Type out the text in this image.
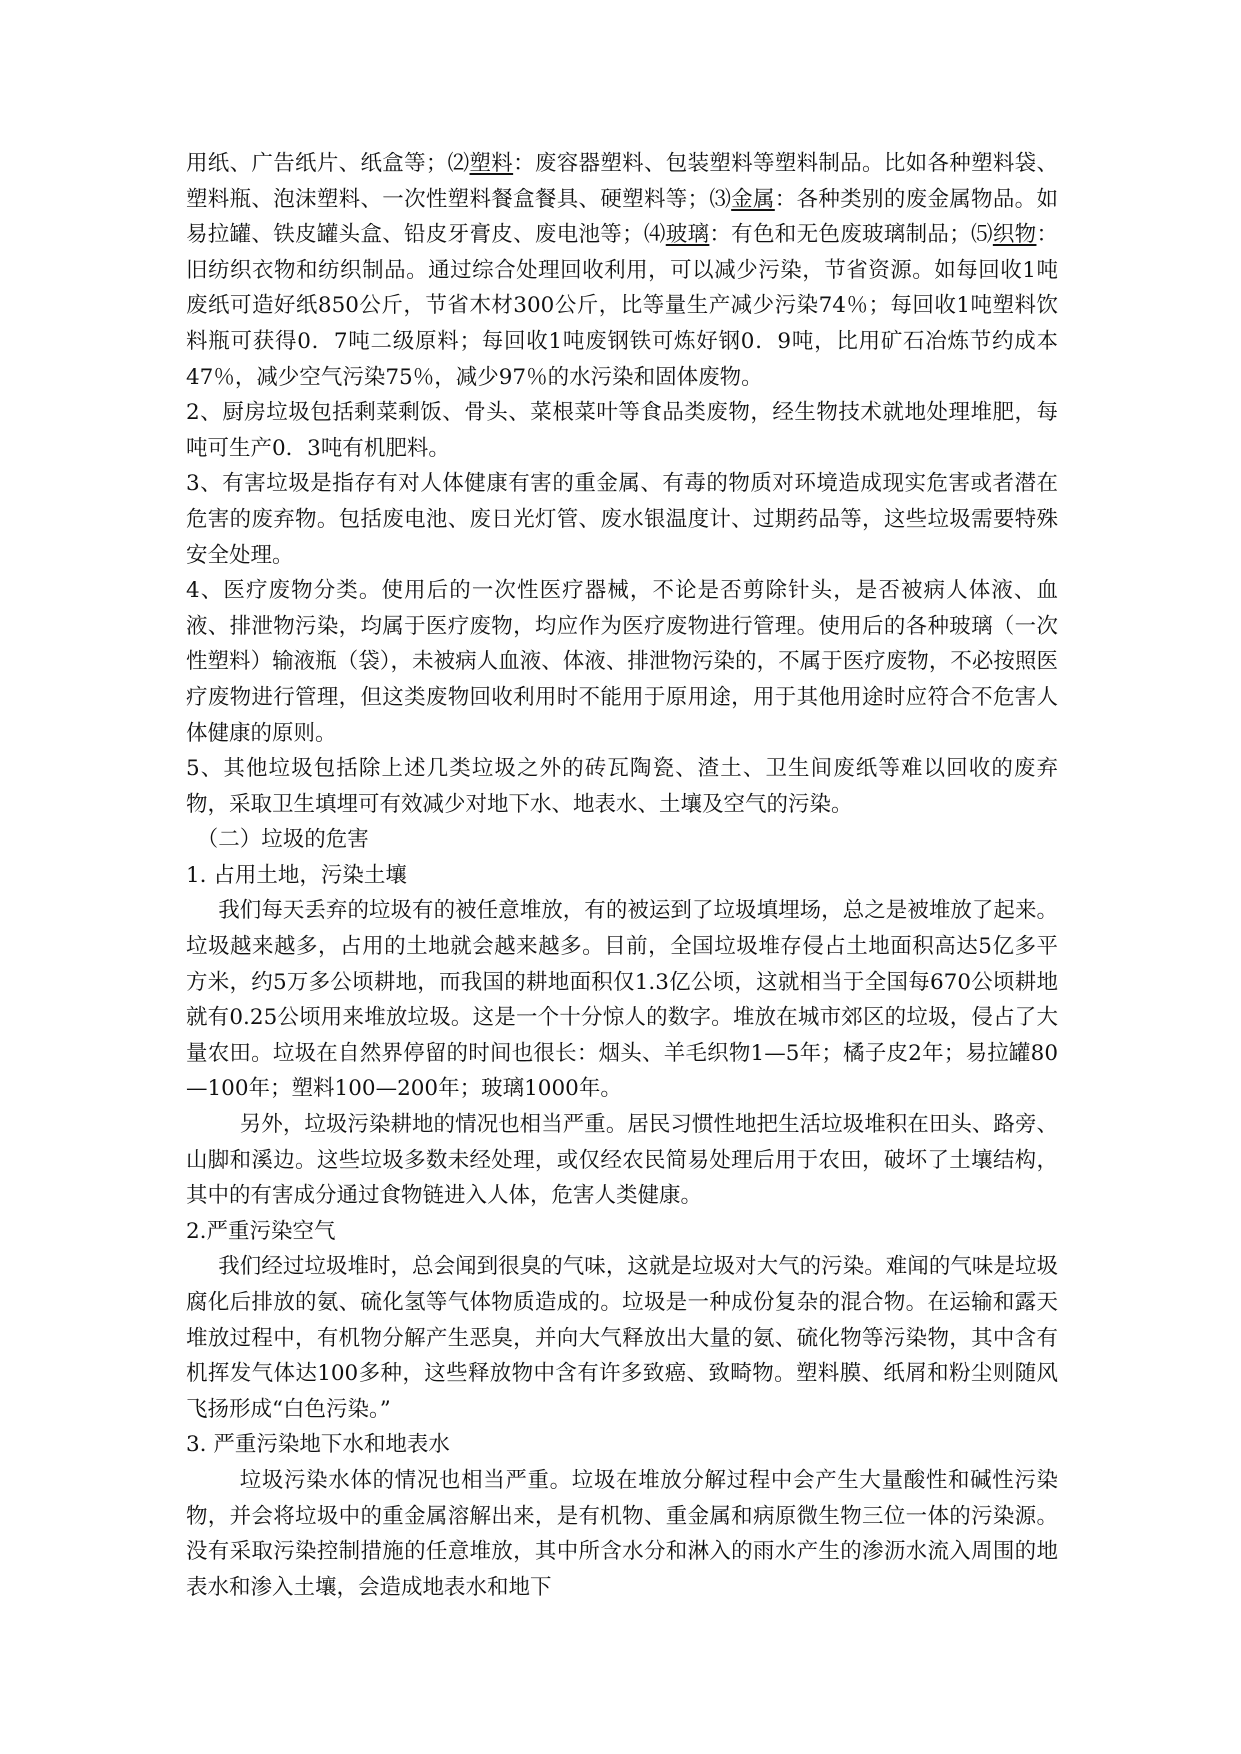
用纸、广告纸片、纸盒等；⑵塑料：废容器塑料、包装塑料等塑料制品。比如各种塑料袋、塑料瓶、泡沫塑料、一次性塑料餐盒餐具、硬塑料等；⑶金属：各种类别的废金属物品。如易拉罐、铁皮罐头盒、铅皮牙膏皮、废电池等；⑷玻璃：有色和无色废玻璃制品；⑸织物：旧纺织衣物和纺织制品。通过综合处理回收利用，可以减少污染，节省资源。如每回收1吨废纸可造好纸850公斤，节省木材300公斤，比等量生产减少污染74％；每回收1吨塑料饮料瓶可获得0．7吨二级原料；每回收1吨废钢铁可炼好钢0．9吨，比用矿石冶炼节约成本47％，减少空气污染75％，减少97％的水污染和固体废物。

2、厨房垃圾包括剩菜剩饭、骨头、菜根菜叶等食品类废物，经生物技术就地处理堆肥，每吨可生产0．3吨有机肥料。

3、有害垃圾是指存有对人体健康有害的重金属、有毒的物质对环境造成现实危害或者潜在危害的废弃物。包括废电池、废日光灯管、废水银温度计、过期药品等，这些垃圾需要特殊安全处理。

4、医疗废物分类。使用后的一次性医疗器械，不论是否剪除针头，是否被病人体液、血液、排泄物污染，均属于医疗废物，均应作为医疗废物进行管理。使用后的各种玻璃（一次性塑料）输液瓶（袋），未被病人血液、体液、排泄物污染的，不属于医疗废物，不必按照医疗废物进行管理，但这类废物回收利用时不能用于原用途，用于其他用途时应符合不危害人体健康的原则。

5、其他垃圾包括除上述几类垃圾之外的砖瓦陶瓷、渣土、卫生间废纸等难以回收的废弃物，采取卫生填埋可有效减少对地下水、地表水、土壤及空气的污染。

（二）垃圾的危害

1. 占用土地，污染土壤

我们每天丢弃的垃圾有的被任意堆放，有的被运到了垃圾填埋场，总之是被堆放了起来。垃圾越来越多，占用的土地就会越来越多。目前，全国垃圾堆存侵占土地面积高达5亿多平方米，约5万多公顷耕地，而我国的耕地面积仅1.3亿公顷，这就相当于全国每670公顷耕地就有0.25公顷用来堆放垃圾。这是一个十分惊人的数字。堆放在城市郊区的垃圾，侵占了大量农田。垃圾在自然界停留的时间也很长：烟头、羊毛织物1—5年；橘子皮2年；易拉罐80—100年；塑料100—200年；玻璃1000年。

另外，垃圾污染耕地的情况也相当严重。居民习惯性地把生活垃圾堆积在田头、路旁、山脚和溪边。这些垃圾多数未经处理，或仅经农民简易处理后用于农田，破坏了土壤结构，其中的有害成分通过食物链进入人体，危害人类健康。

2.严重污染空气

我们经过垃圾堆时，总会闻到很臭的气味，这就是垃圾对大气的污染。难闻的气味是垃圾腐化后排放的氨、硫化氢等气体物质造成的。垃圾是一种成份复杂的混合物。在运输和露天堆放过程中，有机物分解产生恶臭，并向大气释放出大量的氨、硫化物等污染物，其中含有机挥发气体达100多种，这些释放物中含有许多致癌、致畸物。塑料膜、纸屑和粉尘则随风飞扬形成“白色污染。”

3. 严重污染地下水和地表水

垃圾污染水体的情况也相当严重。垃圾在堆放分解过程中会产生大量酸性和碱性污染物，并会将垃圾中的重金属溶解出来，是有机物、重金属和病原微生物三位一体的污染源。没有采取污染控制措施的任意堆放，其中所含水分和淋入的雨水产生的渗沥水流入周围的地表水和渗入土壤，会造成地表水和地下
